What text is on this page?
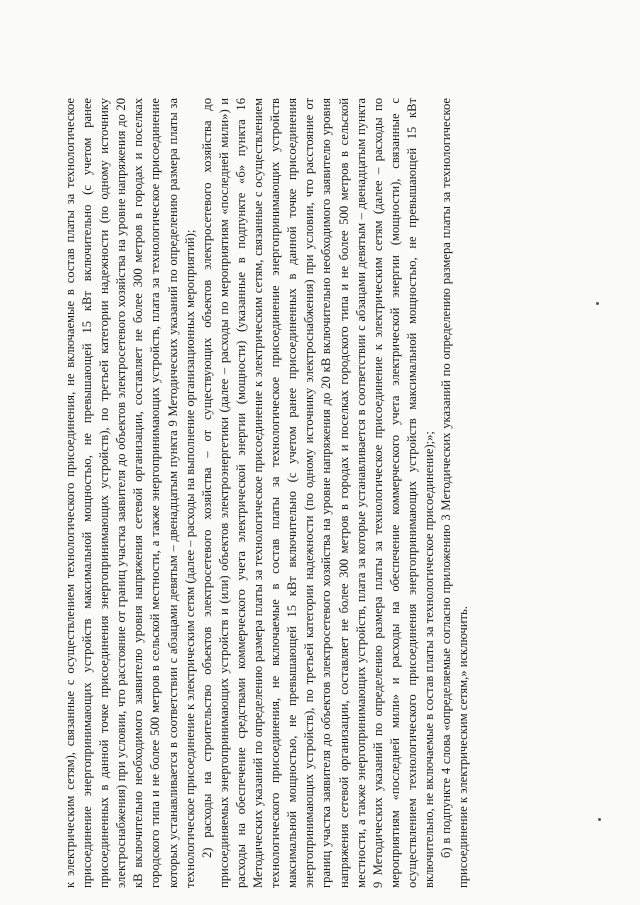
к электрическим сетям), связанные с осуществлением технологического присоединения, не включаемые в состав платы за технологическое присоединение энергопринимающих устройств максимальной мощностью, не превышающей 15 кВт включительно (с учетом ранее присоединенных в данной точке присоединения энергопринимающих устройств), по третьей категории надежности (по одному источнику электроснабжения) при условии, что расстояние от границ участка заявителя до объектов электросетевого хозяйства на уровне напряжения до 20 кВ включительно необходимого заявителю уровня напряжения сетевой организации, составляет не более 300 метров в городах и поселках городского типа и не более 500 метров в сельской местности, а также энергопринимающих устройств, плата за технологическое присоединение которых устанавливается в соответствии с абзацами девятым – двенадцатым пункта 9 Методических указаний по определению размера платы за технологическое присоединение к электрическим сетям (далее – расходы на выполнение организационных мероприятий); 2) расходы на строительство объектов электросетевого хозяйства – от существующих объектов электросетевого хозяйства до присоединяемых энергопринимающих устройств и (или) объектов электроэнергетики (далее – расходы по мероприятиям «последней мили») и расходы на обеспечение средствами коммерческого учета электрической энергии (мощности) (указанные в подпункте «б» пункта 16 Методических указаний по определению размера платы за технологическое присоединение к электрическим сетям, связанные с осуществлением технологического присоединения, не включаемые в состав платы за технологическое присоединение энергопринимающих устройств максимальной мощностью, не превышающей 15 кВт включительно (с учетом ранее присоединенных в данной точке присоединения энергопринимающих устройств), по третьей категории надежности (по одному источнику электроснабжения) при условии, что расстояние от границ участка заявителя до объектов электросетевого хозяйства на уровне напряжения до 20 кВ включительно необходимого заявителю уровня напряжения сетевой организации, составляет не более 300 метров в городах и поселках городского типа и не более 500 метров в сельской местности, а также энергопринимающих устройств, плата за которые устанавливается в соответствии с абзацами девятым – двенадцатым пункта 9 Методических указаний по определению размера платы за технологическое присоединение к электрическим сетям (далее – расходы по мероприятиям «последней мили» и расходы на обеспечение коммерческого учета электрической энергии (мощности), связанные с осуществлением технологического присоединения энергопринимающих устройств максимальной мощностью, не превышающей 15 кВт включительно, не включаемые в состав платы за технологическое присоединение);»; б) в подпункте 4 слова «определяемые согласно приложению 3 Методических указаний по определению размера платы за технологическое присоединение к электрическим сетям,» исключить.
